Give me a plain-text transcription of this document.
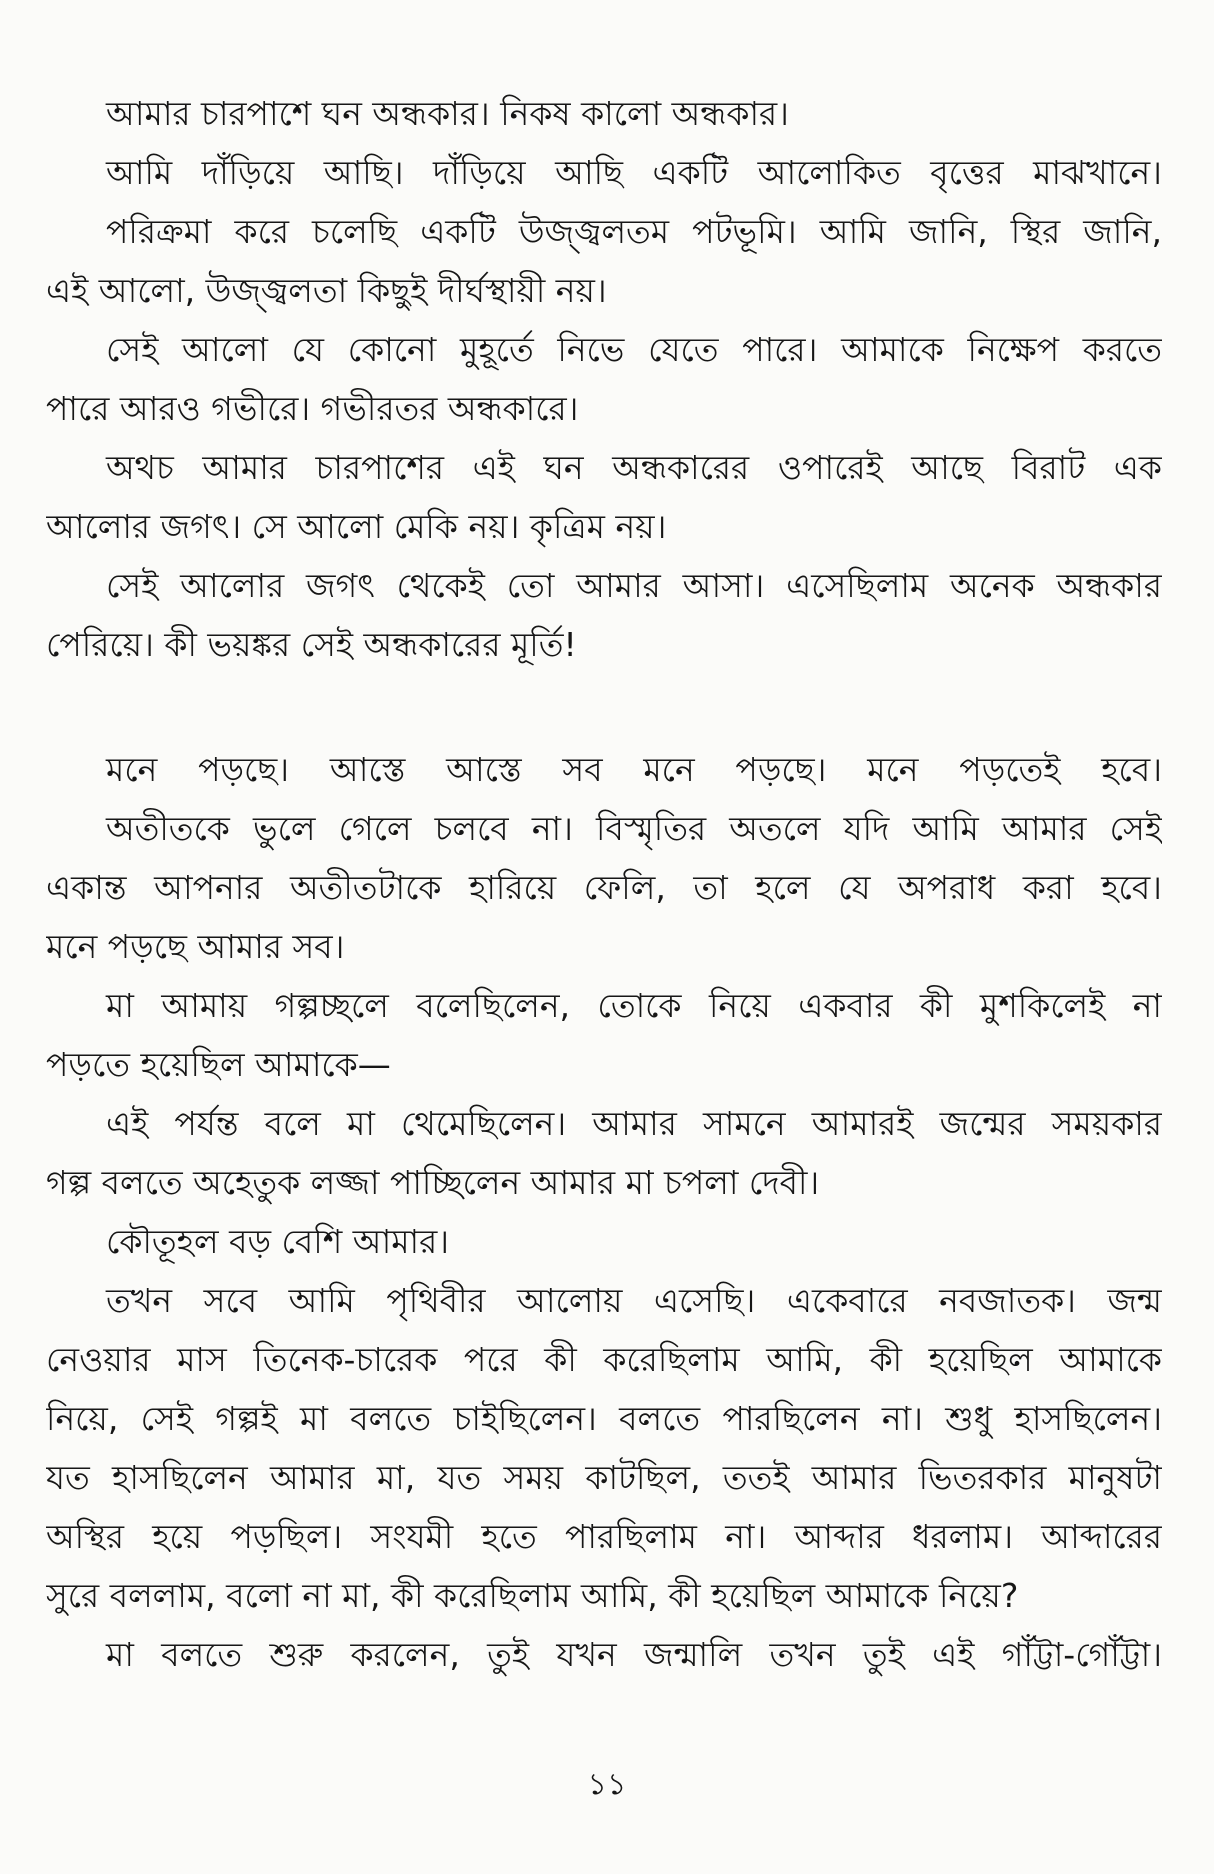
আমার চারপাশে ঘন অন্ধকার। নিকষ কালো অন্ধকার।
আমি দাঁড়িয়ে আছি। দাঁড়িয়ে আছি একটি আলোকিত বৃত্তের মাঝখানে।
পরিক্রমা করে চলেছি একটি উজ্জ্বলতম পটভূমি। আমি জানি, স্থির জানি,
এই আলো, উজ্জ্বলতা কিছুই দীর্ঘস্থায়ী নয়।
সেই আলো যে কোনো মুহূর্তে নিভে যেতে পারে। আমাকে নিক্ষেপ করতে
পারে আরও গভীরে। গভীরতর অন্ধকারে।
অথচ আমার চারপাশের এই ঘন অন্ধকারের ওপারেই আছে বিরাট এক
আলোর জগৎ। সে আলো মেকি নয়। কৃত্রিম নয়।
সেই আলোর জগৎ থেকেই তো আমার আসা। এসেছিলাম অনেক অন্ধকার
পেরিয়ে। কী ভয়ঙ্কর সেই অন্ধকারের মূর্তি!
মনে পড়ছে। আস্তে আস্তে সব মনে পড়ছে। মনে পড়তেই হবে।
অতীতকে ভুলে গেলে চলবে না। বিস্মৃতির অতলে যদি আমি আমার সেই
একান্ত আপনার অতীতটাকে হারিয়ে ফেলি, তা হলে যে অপরাধ করা হবে।
মনে পড়ছে আমার সব।
মা আমায় গল্পচ্ছলে বলেছিলেন, তোকে নিয়ে একবার কী মুশকিলেই না
পড়তে হয়েছিল আমাকে—
এই পর্যন্ত বলে মা থেমেছিলেন। আমার সামনে আমারই জন্মের সময়কার
গল্প বলতে অহেতুক লজ্জা পাচ্ছিলেন আমার মা চপলা দেবী।
কৌতূহল বড় বেশি আমার।
তখন সবে আমি পৃথিবীর আলোয় এসেছি। একেবারে নবজাতক। জন্ম
নেওয়ার মাস তিনেক-চারেক পরে কী করেছিলাম আমি, কী হয়েছিল আমাকে
নিয়ে, সেই গল্পই মা বলতে চাইছিলেন। বলতে পারছিলেন না। শুধু হাসছিলেন।
যত হাসছিলেন আমার মা, যত সময় কাটছিল, ততই আমার ভিতরকার মানুষটা
অস্থির হয়ে পড়ছিল। সংযমী হতে পারছিলাম না। আব্দার ধরলাম। আব্দারের
সুরে বললাম, বলো না মা, কী করেছিলাম আমি, কী হয়েছিল আমাকে নিয়ে?
মা বলতে শুরু করলেন, তুই যখন জন্মালি তখন তুই এই গাঁট্টা-গোঁট্টা।
১১
